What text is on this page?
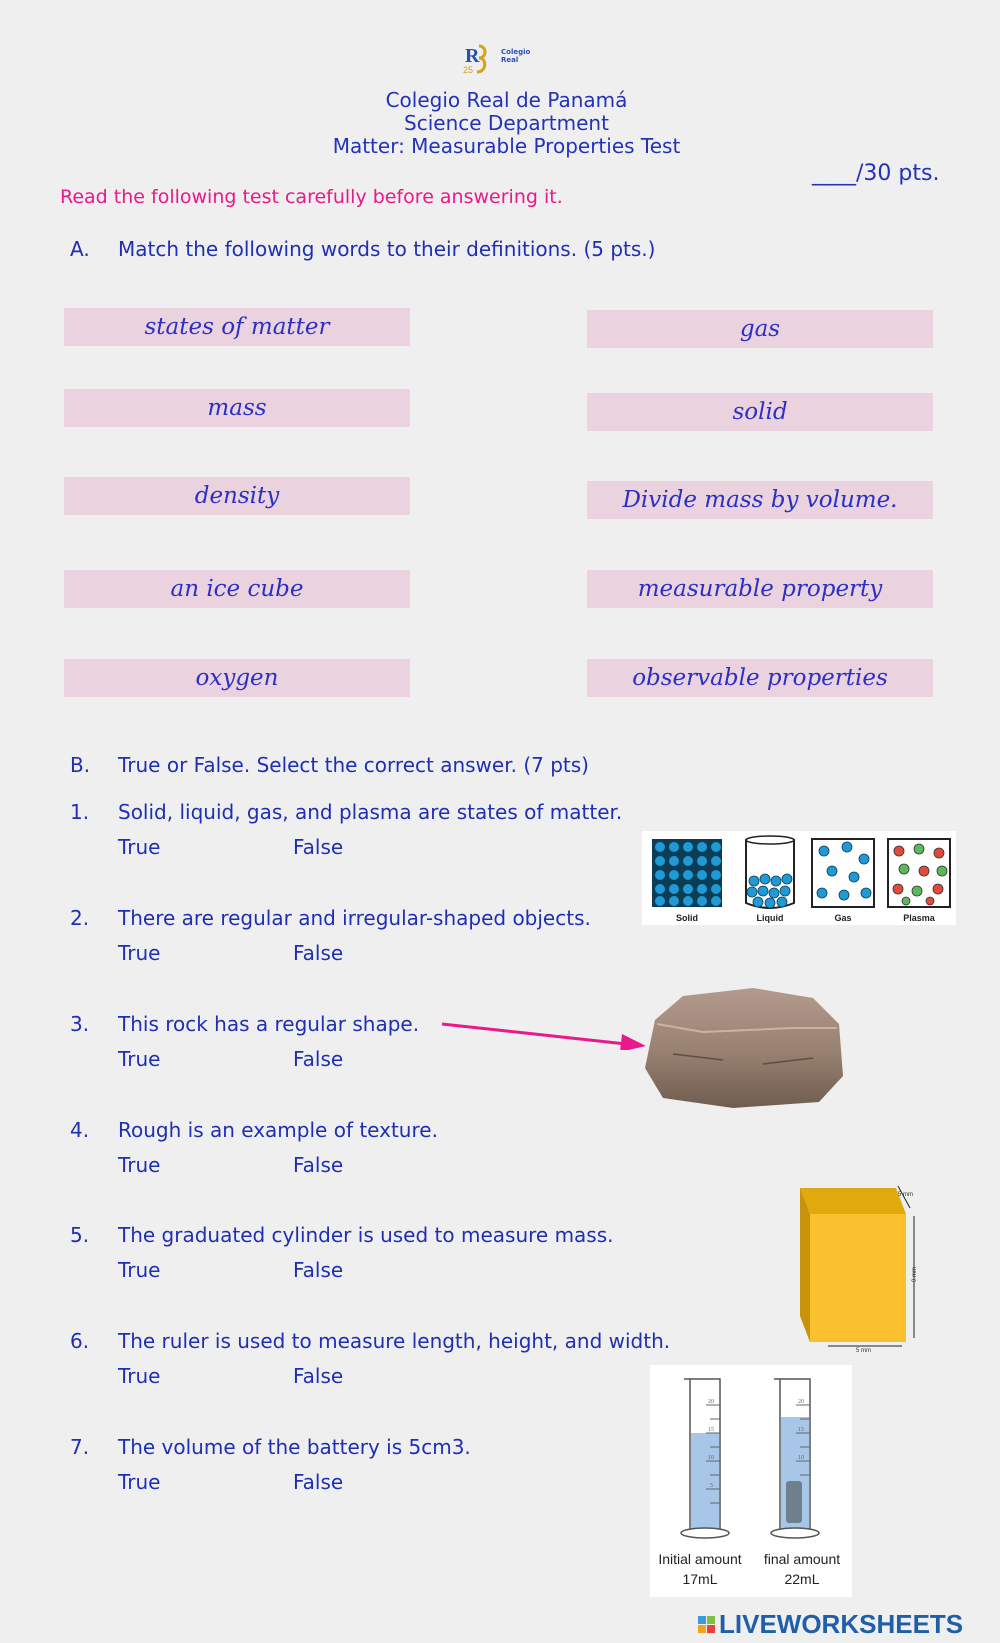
R
25
Colegio Real
Colegio Real de Panamá
Science Department
Matter: Measurable Properties Test
____/30 pts.
Read the following test carefully before answering it.
A. Match the following words to their definitions. (5 pts.)
states of matter
mass
density
an ice cube
oxygen
gas
solid
Divide mass by volume.
measurable property
observable properties
B. True or False. Select the correct answer. (7 pts)
1. Solid, liquid, gas, and plasma are states of matter.
True	False
2. There are regular and irregular-shaped objects.
True	False
3. This rock has a regular shape.
True	False
4. Rough is an example of texture.
True	False
5. The graduated cylinder is used to measure mass.
True	False
6. The ruler is used to measure length, height, and width.
True	False
7. The volume of the battery is 5cm3.
True	False
Solid	Liquid	Gas	Plasma
5 mm
9 mm
5 mm
20
15
10
5
20
15
10
Initial amount
17mL
final amount
22mL
LIVEWORKSHEETS
